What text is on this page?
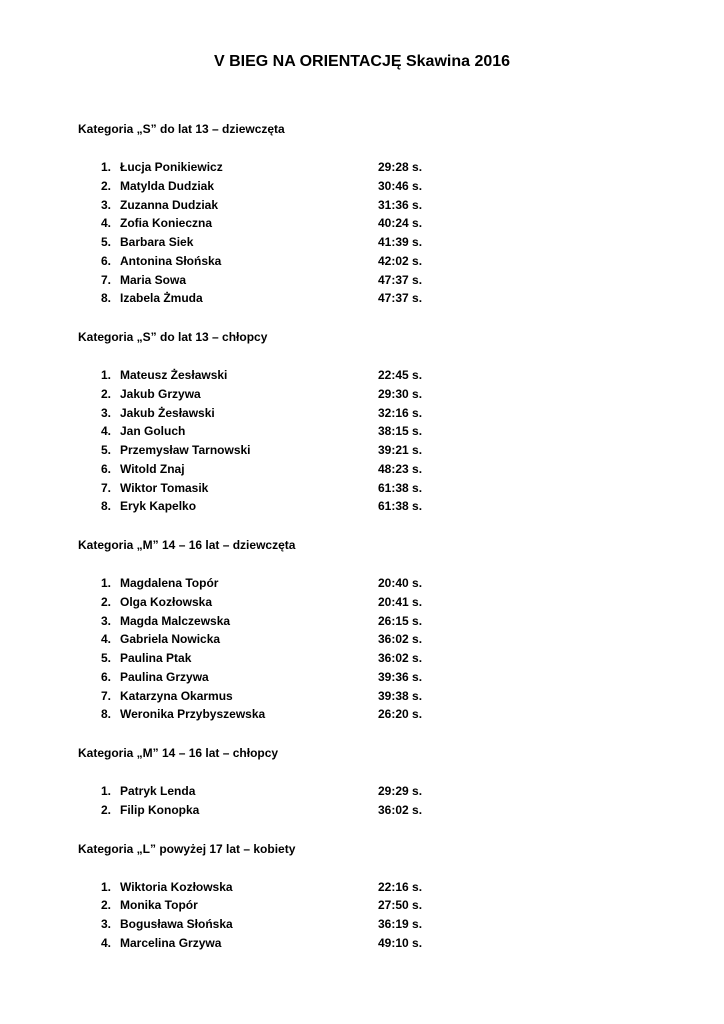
V BIEG NA ORIENTACJĘ Skawina 2016
Kategoria „S” do lat 13 – dziewczęta
1. Łucja Ponikiewicz	29:28 s.
2. Matylda Dudziak	30:46 s.
3. Zuzanna Dudziak	31:36 s.
4. Zofia Konieczna	40:24 s.
5. Barbara Siek	41:39 s.
6. Antonina Słońska	42:02 s.
7. Maria Sowa	47:37 s.
8. Izabela Żmuda	47:37 s.
Kategoria „S” do lat 13 – chłopcy
1. Mateusz Żesławski	22:45 s.
2. Jakub Grzywa	29:30 s.
3. Jakub Żesławski	32:16 s.
4. Jan Goluch	38:15 s.
5. Przemysław Tarnowski	39:21 s.
6. Witold Znaj	48:23 s.
7. Wiktor Tomasik	61:38 s.
8. Eryk Kapelko	61:38 s.
Kategoria „M” 14 – 16 lat – dziewczęta
1. Magdalena Topór	20:40 s.
2. Olga Kozłowska	20:41 s.
3. Magda Malczewska	26:15 s.
4. Gabriela Nowicka	36:02 s.
5. Paulina Ptak	36:02 s.
6. Paulina Grzywa	39:36 s.
7. Katarzyna Okarmus	39:38 s.
8. Weronika Przybyszewska	26:20 s.
Kategoria „M” 14 – 16 lat – chłopcy
1. Patryk Lenda	29:29 s.
2. Filip Konopka	36:02 s.
Kategoria „L” powyżej 17 lat – kobiety
1. Wiktoria Kozłowska	22:16 s.
2. Monika Topór	27:50 s.
3. Bogusława Słońska	36:19 s.
4. Marcelina Grzywa	49:10 s.
